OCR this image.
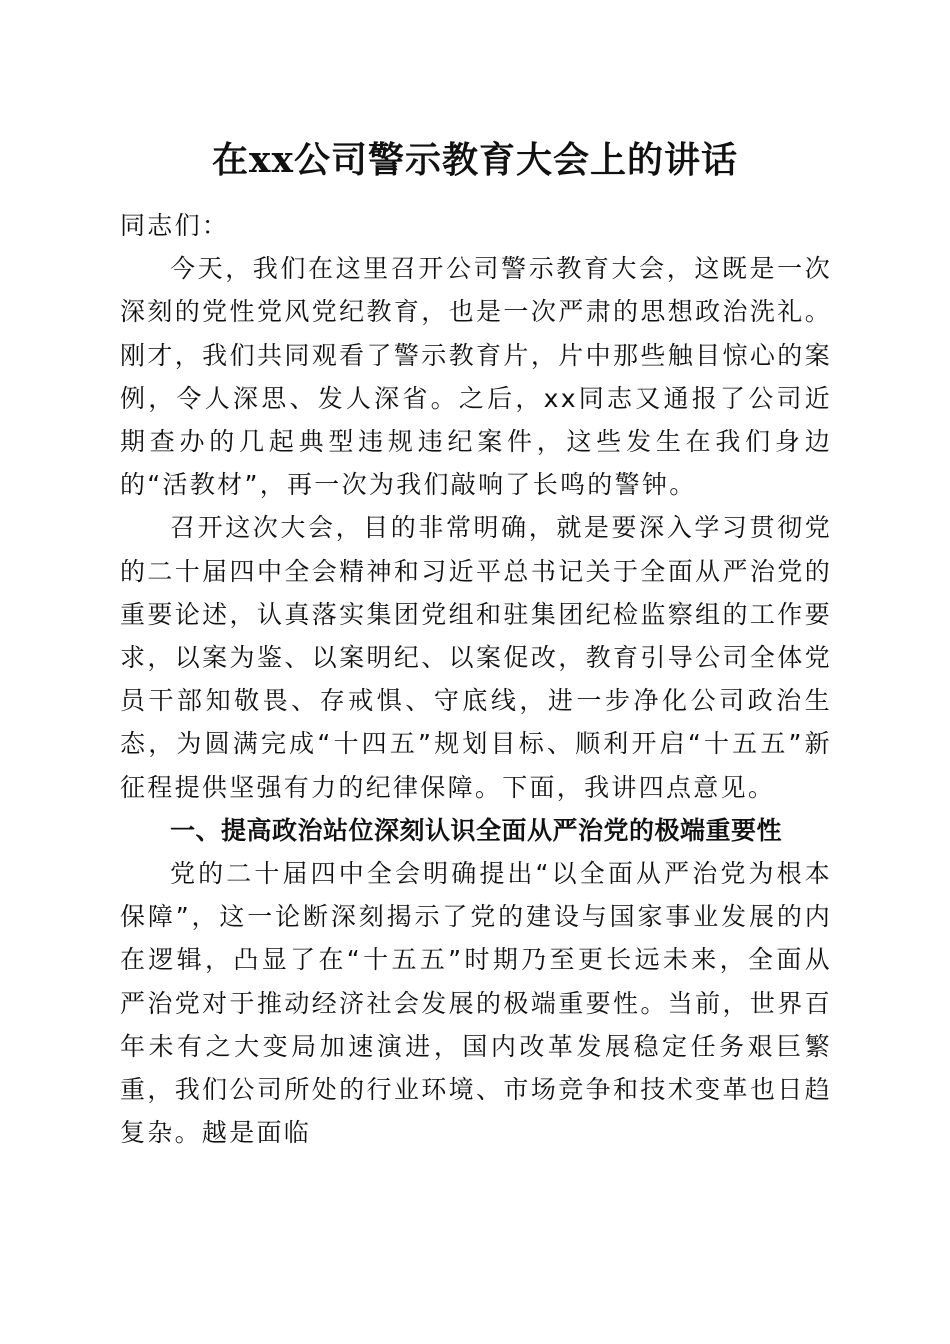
在xx公司警示教育大会上的讲话

同志们：

今天，我们在这里召开公司警示教育大会，这既是一次深刻的党性党风党纪教育，也是一次严肃的思想政治洗礼。刚才，我们共同观看了警示教育片，片中那些触目惊心的案例，令人深思、发人深省。之后，xx同志又通报了公司近期查办的几起典型违规违纪案件，这些发生在我们身边的“活教材”，再一次为我们敲响了长鸣的警钟。

召开这次大会，目的非常明确，就是要深入学习贯彻党的二十届四中全会精神和习近平总书记关于全面从严治党的重要论述，认真落实集团党组和驻集团纪检监察组的工作要求，以案为鉴、以案明纪、以案促改，教育引导公司全体党员干部知敬畏、存戒惧、守底线，进一步净化公司政治生态，为圆满完成“十四五”规划目标、顺利开启“十五五”新征程提供坚强有力的纪律保障。下面，我讲四点意见。

一、提高政治站位深刻认识全面从严治党的极端重要性

党的二十届四中全会明确提出“以全面从严治党为根本保障”，这一论断深刻揭示了党的建设与国家事业发展的内在逻辑，凸显了在“十五五”时期乃至更长远未来，全面从严治党对于推动经济社会发展的极端重要性。当前，世界百年未有之大变局加速演进，国内改革发展稳定任务艰巨繁重，我们公司所处的行业环境、市场竞争和技术变革也日趋复杂。越是面临
